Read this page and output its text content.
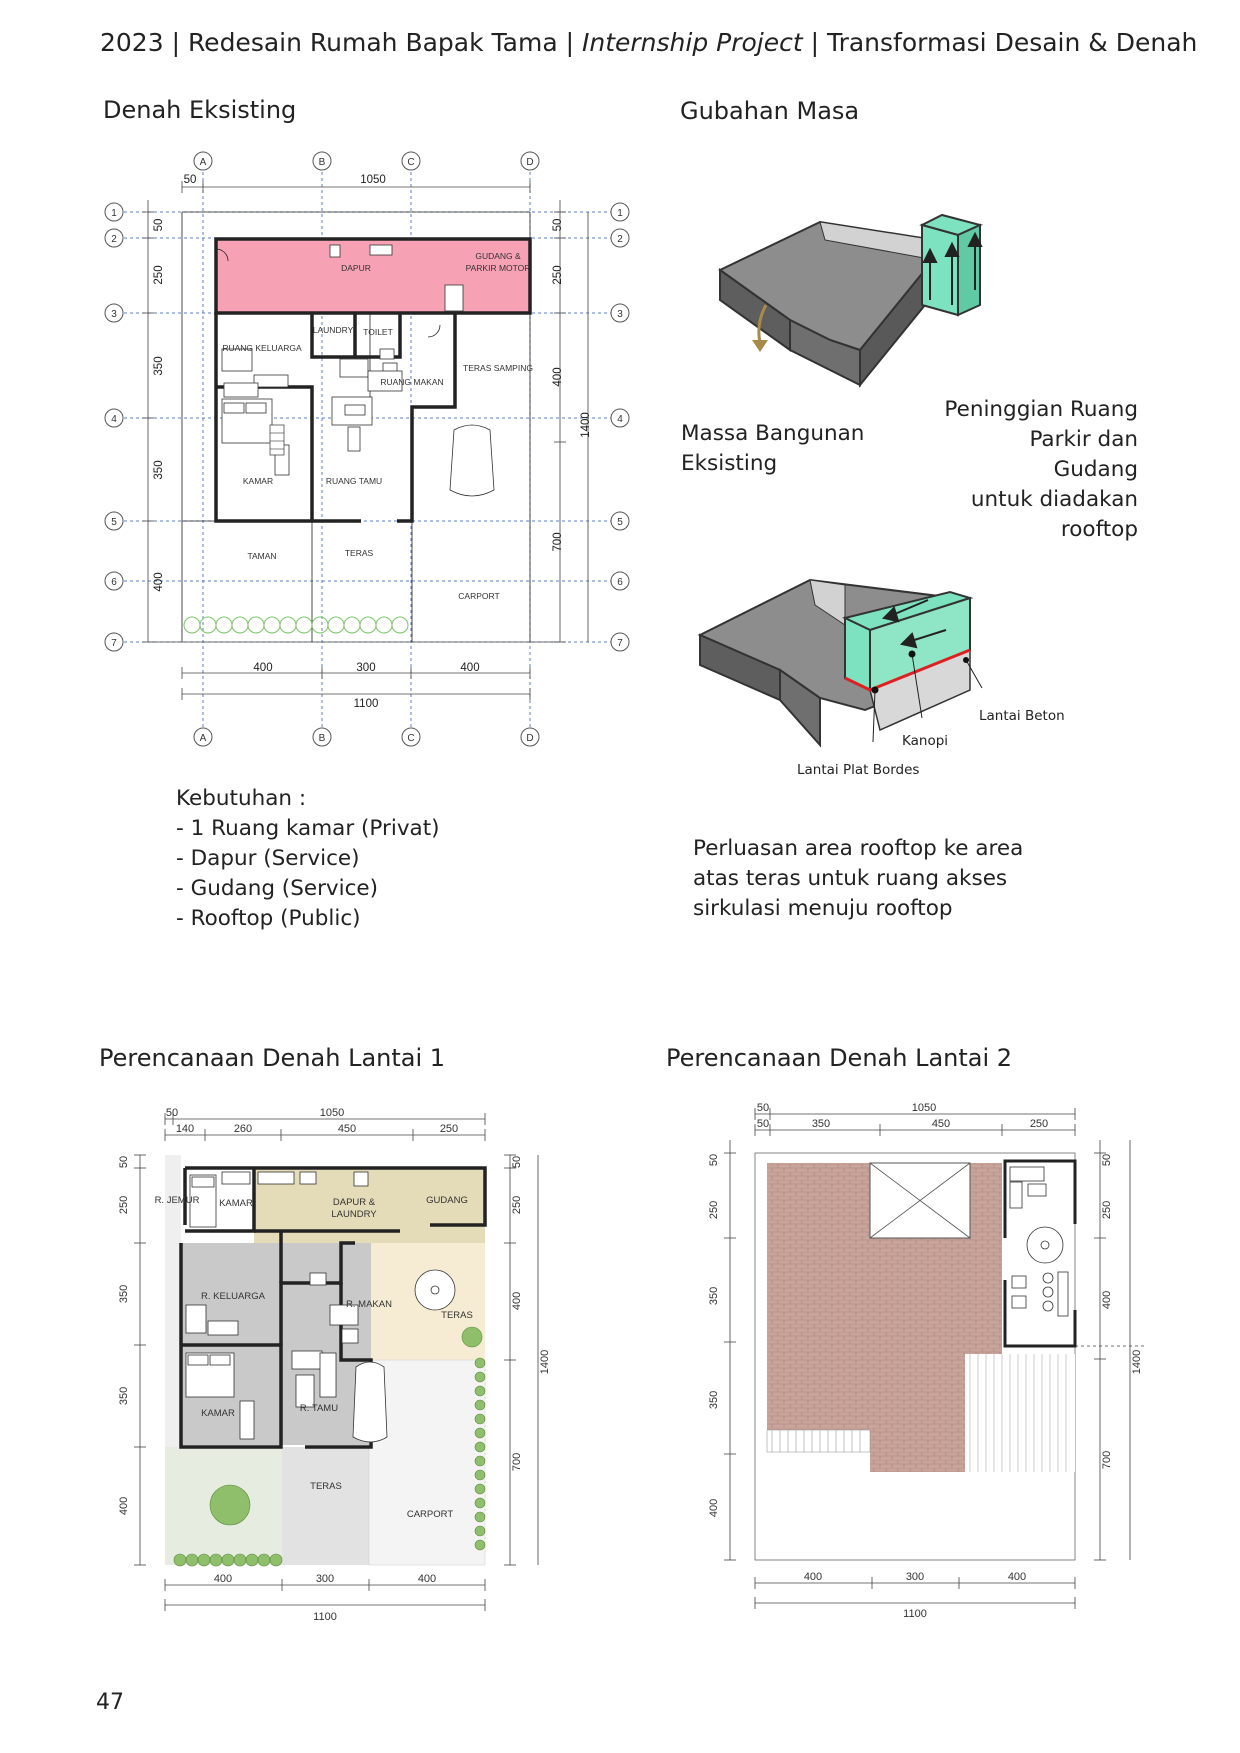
2023 | Redesain Rumah Bapak Tama | Internship Project | Transformasi Desain & Denah
Denah Eksisting	Gubahan Masa
Perencanaan Denah Lantai 1	Perencanaan Denah Lantai 2
A	B	C	D
A	B	C	D
1
2
3
4
5
6
7
1
2
3
4
5
6
7
50	1050
400	300	400
1100
50
250
350
350
400
50
250
400
700
1400
DAPUR
GUDANG &
PARKIR MOTOR
LAUNDRY TOILET
RUANG KELUARGA
RUANG MAKAN
TERAS SAMPING
KAMAR	RUANG TAMU
TAMAN	TERAS
CARPORT
Kebutuhan :
- 1 Ruang kamar (Privat)
- Dapur (Service)
- Gudang (Service)
- Rooftop (Public)
Massa Bangunan
Eksisting
Peninggian Ruang
Parkir dan Gudang
untuk diadakan
rooftop
Lantai Beton
Kanopi
Lantai Plat Bordes
Perluasan area rooftop ke area
atas teras untuk ruang akses
sirkulasi menuju rooftop
50	1050
140	260	450	250
400	300	400
1100
50
250
350
350
400
50
250
400
700
1400
R. JEMUR KAMAR	DAPUR &
LAUNDRY
GUDANG
R. KELUARGA
R. MAKAN
TERAS
KAMAR	R. TAMU
TERAS
CARPORT
50	1050
50	350	450	250
400	300	400
1100
50
250
350
350
400
50
250
400
700
1400
47
